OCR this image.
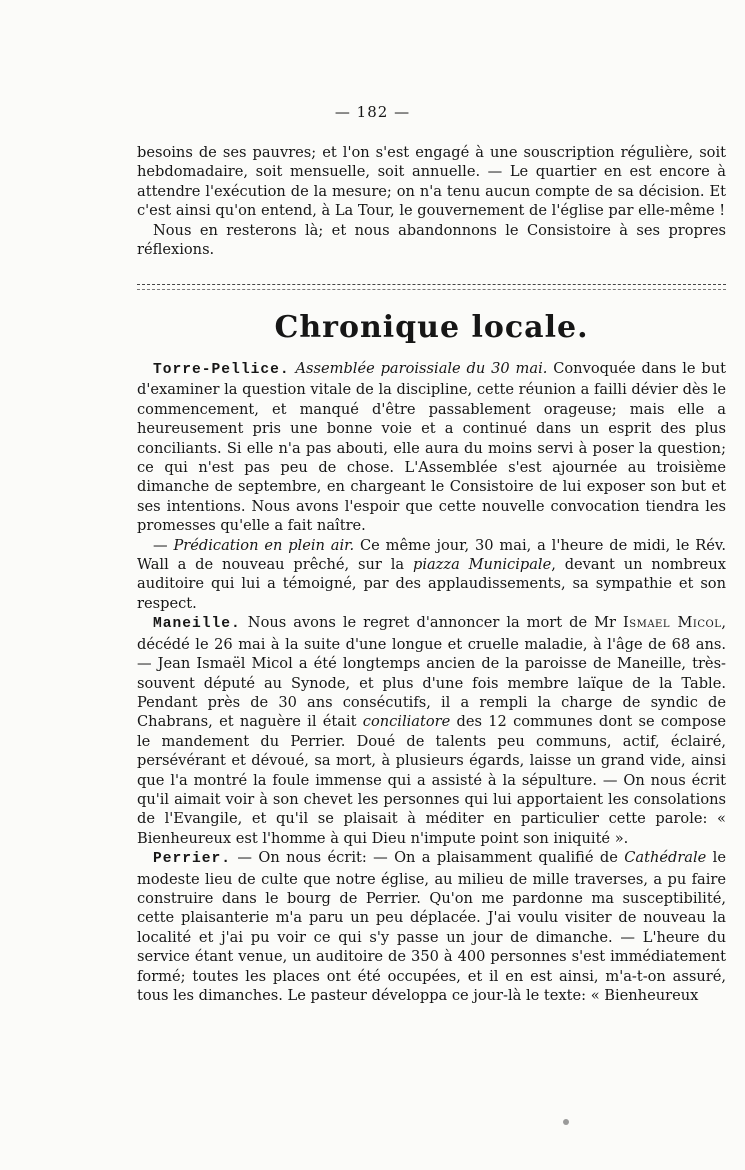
— 182 —

besoins de ses pauvres; et l'on s'est engagé à une souscription régulière, soit hebdomadaire, soit mensuelle, soit annuelle. — Le quartier en est encore à attendre l'exécution de la mesure; on n'a tenu aucun compte de sa décision. Et c'est ainsi qu'on entend, à La Tour, le gouvernement de l'église par elle-même !

Nous en resterons là; et nous abandonnons le Consistoire à ses propres réflexions.

Chronique locale.

Torre-Pellice. Assemblée paroissiale du 30 mai. Convoquée dans le but d'examiner la question vitale de la discipline, cette réunion a failli dévier dès le commencement, et manqué d'être passablement orageuse; mais elle a heureusement pris une bonne voie et a continué dans un esprit des plus conciliants. Si elle n'a pas abouti, elle aura du moins servi à poser la question; ce qui n'est pas peu de chose. L'Assemblée s'est ajournée au troisième dimanche de septembre, en chargeant le Consistoire de lui exposer son but et ses intentions. Nous avons l'espoir que cette nouvelle convocation tiendra les promesses qu'elle a fait naître.

— Prédication en plein air. Ce même jour, 30 mai, a l'heure de midi, le Rév. Wall a de nouveau prêché, sur la piazza Municipale, devant un nombreux auditoire qui lui a témoigné, par des applaudissements, sa sympathie et son respect.

Maneille. Nous avons le regret d'annoncer la mort de Mr Ismael Micol, décédé le 26 mai à la suite d'une longue et cruelle maladie, à l'âge de 68 ans. — Jean Ismaël Micol a été longtemps ancien de la paroisse de Maneille, très-souvent député au Synode, et plus d'une fois membre laïque de la Table. Pendant près de 30 ans consécutifs, il a rempli la charge de syndic de Chabrans, et naguère il était conciliatore des 12 communes dont se compose le mandement du Perrier. Doué de talents peu communs, actif, éclairé, persévérant et dévoué, sa mort, à plusieurs égards, laisse un grand vide, ainsi que l'a montré la foule immense qui a assisté à la sépulture. — On nous écrit qu'il aimait voir à son chevet les personnes qui lui apportaient les consolations de l'Evangile, et qu'il se plaisait à méditer en particulier cette parole: « Bienheureux est l'homme à qui Dieu n'impute point son iniquité ».

Perrier. — On nous écrit: — On a plaisamment qualifié de Cathédrale le modeste lieu de culte que notre église, au milieu de mille traverses, a pu faire construire dans le bourg de Perrier. Qu'on me pardonne ma susceptibilité, cette plaisanterie m'a paru un peu déplacée. J'ai voulu visiter de nouveau la localité et j'ai pu voir ce qui s'y passe un jour de dimanche. — L'heure du service étant venue, un auditoire de 350 à 400 personnes s'est immédiatement formé; toutes les places ont été occupées, et il en est ainsi, m'a-t-on assuré, tous les dimanches. Le pasteur développa ce jour-là le texte: « Bienheureux
